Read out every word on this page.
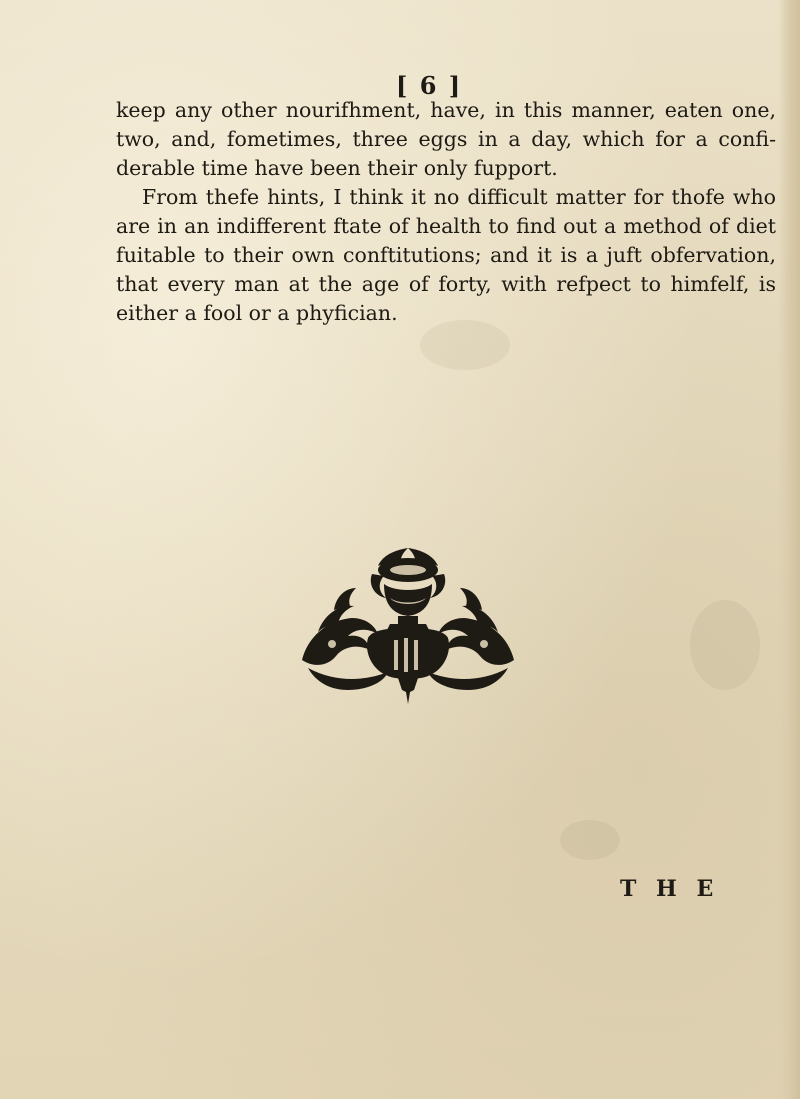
[ 6 ]

keep any other nourifhment, have, in this manner, eaten one,
two, and, fometimes, three eggs in a day, which for a confi-
derable time have been their only fupport.
From thefe hints, I think it no difficult matter for thofe who
are in an indifferent ftate of health to find out a method of diet
fuitable to their own conftitutions; and it is a juft obfervation,
that every man at the age of forty, with refpect to himfelf, is
either a fool or a phyfician.

T H E
